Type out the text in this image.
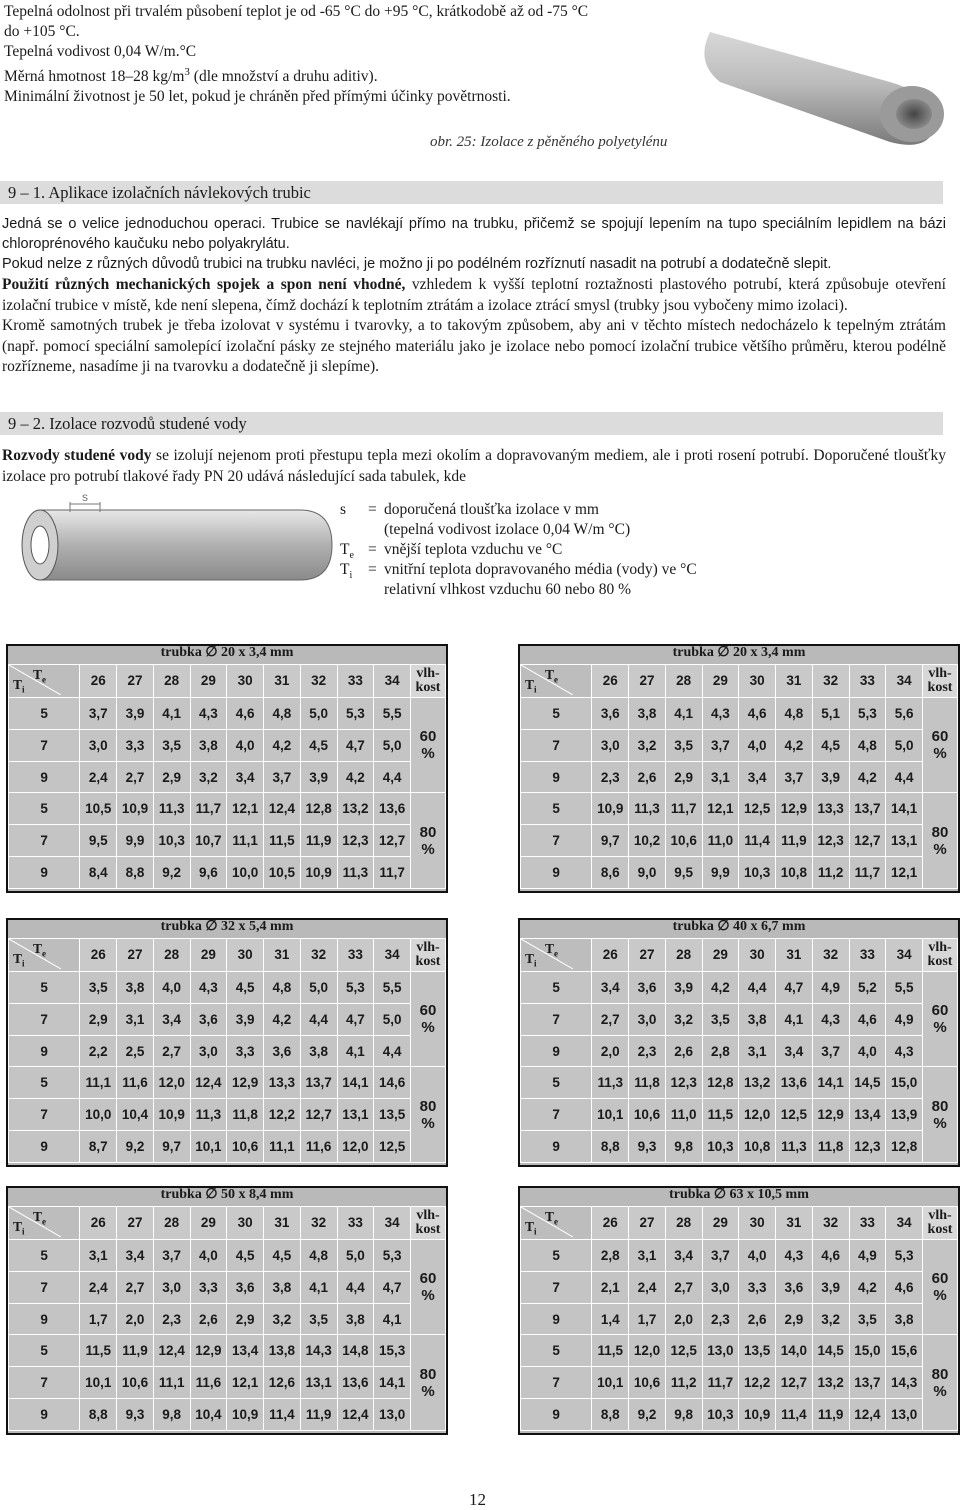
Tepelná odolnost při trvalém působení teplot je od -65 °C do +95 °C, krátkodobě až od -75 °C
do +105 °C.
Tepelná vodivost 0,04 W/m.°C
Měrná hmotnost 18–28 $kg/m^3$ (dle množství a druhu aditiv).
Minimální životnost je 50 let, pokud je chráněn před přímými účinky povětrnosti.
obr. 25: Izolace z pěněného polyetylénu
9 – 1. Aplikace izolačních návlekových trubic

Jedná se o velice jednoduchou operaci. Trubice se navlékají přímo na trubku, přičemž se spojují lepením na tupo speciálním lepidlem na bázi chloroprénového kaučuku nebo polyakrylátu.

Pokud nelze z různých důvodů trubici na trubku navléci, je možno ji po podélném rozříznutí nasadit na potrubí a dodatečně slepit.

Použití různých mechanických spojek a spon není vhodné, vzhledem k vyšší teplotní roztažnosti plastového potrubí, která způsobuje otevření izolační trubice v místě, kde není slepena, čímž dochází k teplotním ztrátám a izolace ztrácí smysl (trubky jsou vybočeny mimo izolaci).

Kromě samotných trubek je třeba izolovat v systému i tvarovky, a to takovým způsobem, aby ani v těchto místech nedocházelo k tepelným ztrátám (např. pomocí speciální samolepící izolační pásky ze stejného materiálu jako je izolace nebo pomocí izolační trubice většího průměru, kterou podélně rozřízneme, nasadíme ji na tvarovku a dodatečně ji slepíme).

9 – 2. Izolace rozvodů studené vody

Rozvody studené vody se izolují nejenom proti přestupu tepla mezi okolím a dopravovaným mediem, ale i proti rosení potrubí. Doporučené tloušťky izolace pro potrubí tlakové řady PN 20 udává následující sada tabulek, kde

s
s = doporučená tloušťka izolace v mm
(tepelná vodivost izolace 0,04 W/m °C)
$T_e$ = vnější teplota vzduchu ve °C
$T_i$ = vnitřní teplota dopravovaného média (vody) ve °C
relativní vlhkost vzduchu 60 nebo 80 %
trubka ∅ 20 x 3,4 mm
$T_e$
$T_i$	26	27	28	29	30	31	32	33	34	vlh-kost
5	3,7	3,9	4,1	4,3	4,6	4,8	5,0	5,3	5,5	60 %
7	3,0	3,3	3,5	3,8	4,0	4,2	4,5	4,7	5,0	
9	2,4	2,7	2,9	3,2	3,4	3,7	3,9	4,2	4,4	
5	10,5	10,9	11,3	11,7	12,1	12,4	12,8	13,2	13,6	80 %
7	9,5	9,9	10,3	10,7	11,1	11,5	11,9	12,3	12,7	
9	8,4	8,8	9,2	9,6	10,0	10,5	10,9	11,3	11,7	
trubka ∅ 20 x 3,4 mm
$T_e$
$T_i$	26	27	28	29	30	31	32	33	34	vlh-kost
5	3,6	3,8	4,1	4,3	4,6	4,8	5,1	5,3	5,6	60 %
7	3,0	3,2	3,5	3,7	4,0	4,2	4,5	4,8	5,0	
9	2,3	2,6	2,9	3,1	3,4	3,7	3,9	4,2	4,4	
5	10,9	11,3	11,7	12,1	12,5	12,9	13,3	13,7	14,1	80 %
7	9,7	10,2	10,6	11,0	11,4	11,9	12,3	12,7	13,1	
9	8,6	9,0	9,5	9,9	10,3	10,8	11,2	11,7	12,1	
trubka ∅ 32 x 5,4 mm
$T_e$
$T_i$	26	27	28	29	30	31	32	33	34	vlh-kost
5	3,5	3,8	4,0	4,3	4,5	4,8	5,0	5,3	5,5	60 %
7	2,9	3,1	3,4	3,6	3,9	4,2	4,4	4,7	5,0	
9	2,2	2,5	2,7	3,0	3,3	3,6	3,8	4,1	4,4	
5	11,1	11,6	12,0	12,4	12,9	13,3	13,7	14,1	14,6	80 %
7	10,0	10,4	10,9	11,3	11,8	12,2	12,7	13,1	13,5	
9	8,7	9,2	9,7	10,1	10,6	11,1	11,6	12,0	12,5	
trubka ∅ 40 x 6,7 mm
$T_e$
$T_i$	26	27	28	29	30	31	32	33	34	vlh-kost
5	3,4	3,6	3,9	4,2	4,4	4,7	4,9	5,2	5,5	60 %
7	2,7	3,0	3,2	3,5	3,8	4,1	4,3	4,6	4,9	
9	2,0	2,3	2,6	2,8	3,1	3,4	3,7	4,0	4,3	
5	11,3	11,8	12,3	12,8	13,2	13,6	14,1	14,5	15,0	80 %
7	10,1	10,6	11,0	11,5	12,0	12,5	12,9	13,4	13,9	
9	8,8	9,3	9,8	10,3	10,8	11,3	11,8	12,3	12,8	
trubka ∅ 50 x 8,4 mm
$T_e$
$T_i$	26	27	28	29	30	31	32	33	34	vlh-kost
5	3,1	3,4	3,7	4,0	4,5	4,5	4,8	5,0	5,3	60 %
7	2,4	2,7	3,0	3,3	3,6	3,8	4,1	4,4	4,7	
9	1,7	2,0	2,3	2,6	2,9	3,2	3,5	3,8	4,1	
5	11,5	11,9	12,4	12,9	13,4	13,8	14,3	14,8	15,3	80 %
7	10,1	10,6	11,1	11,6	12,1	12,6	13,1	13,6	14,1	
9	8,8	9,3	9,8	10,4	10,9	11,4	11,9	12,4	13,0	
trubka ∅ 63 x 10,5 mm
$T_e$
$T_i$	26	27	28	29	30	31	32	33	34	vlh-kost
5	2,8	3,1	3,4	3,7	4,0	4,3	4,6	4,9	5,3	60 %
7	2,1	2,4	2,7	3,0	3,3	3,6	3,9	4,2	4,6	
9	1,4	1,7	2,0	2,3	2,6	2,9	3,2	3,5	3,8	
5	11,5	12,0	12,5	13,0	13,5	14,0	14,5	15,0	15,6	80 %
7	10,1	10,6	11,2	11,7	12,2	12,7	13,2	13,7	14,3	
9	8,8	9,2	9,8	10,3	10,9	11,4	11,9	12,4	13,0	
12
